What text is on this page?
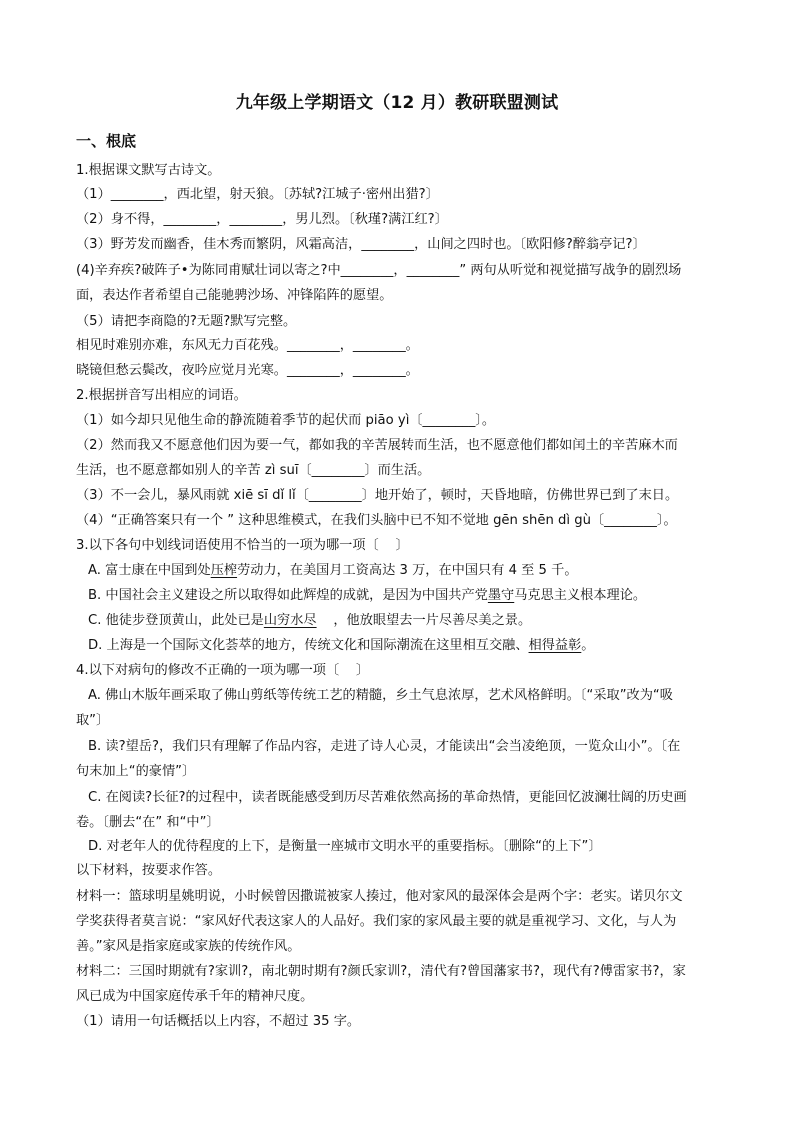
九年级上学期语文（12 月）教研联盟测试
一、根底
1.根据课文默写古诗文。
（1）________，西北望，射天狼。〔苏轼?江城子·密州出猎?〕
（2）身不得，________，________，男儿烈。〔秋瑾?满江红?〕
（3）野芳发而幽香，佳木秀而繁阴，风霜高洁，________，山间之四时也。〔欧阳修?醉翁亭记?〕
(4)辛弃疾?破阵子•为陈同甫赋壮词以寄之?中________，________” 两句从听觉和视觉描写战争的剧烈场
面，表达作者希望自己能驰骋沙场、冲锋陷阵的愿望。
（5）请把李商隐的?无题?默写完整。
相见时难别亦难，东风无力百花残。________，________。
晓镜但愁云鬓改，夜吟应觉月光寒。________，________。
2.根据拼音写出相应的词语。
（1）如今却只见他生命的静流随着季节的起伏而 piāo yì〔________〕。
（2）然而我又不愿意他们因为要一气，都如我的辛苦展转而生活，也不愿意他们都如闰土的辛苦麻木而
生活，也不愿意都如别人的辛苦 zì suī〔________〕而生活。
（3）不一会儿，暴风雨就 xiē sī dǐ lǐ〔________〕地开始了，顿时，天昏地暗，仿佛世界已到了末日。
（4）“正确答案只有一个 ” 这种思维模式，在我们头脑中已不知不觉地 gēn shēn dì gù〔________〕。
3.以下各句中划线词语使用不恰当的一项为哪一项〔    〕
A. 富士康在中国到处压榨劳动力，在美国月工资高达 3 万，在中国只有 4 至 5 千。
B. 中国社会主义建设之所以取得如此辉煌的成就，是因为中国共产党墨守马克思主义根本理论。
C. 他徒步登顶黄山，此处已是山穷水尽    ，他放眼望去一片尽善尽美之景。
D. 上海是一个国际文化荟萃的地方，传统文化和国际潮流在这里相互交融、相得益彰。
4.以下对病句的修改不正确的一项为哪一项〔    〕
A. 佛山木版年画采取了佛山剪纸等传统工艺的精髓，乡土气息浓厚，艺术风格鲜明。〔“采取”改为“吸
取”〕
B. 读?望岳?，我们只有理解了作品内容，走进了诗人心灵，才能读出“会当凌绝顶，一览众山小”。〔在
句末加上“的豪情”〕
C. 在阅读?长征?的过程中，读者既能感受到历尽苦难依然高扬的革命热情，更能回忆波澜壮阔的历史画
卷。〔删去“在” 和“中”〕
D. 对老年人的优待程度的上下，是衡量一座城市文明水平的重要指标。〔删除“的上下”〕
以下材料，按要求作答。
材料一：篮球明星姚明说，小时候曾因撒谎被家人揍过，他对家风的最深体会是两个字：老实。诺贝尔文
学奖获得者莫言说：“家风好代表这家人的人品好。我们家的家风最主要的就是重视学习、文化，与人为
善。”家风是指家庭或家族的传统作风。
材料二：三国时期就有?家训?，南北朝时期有?颜氏家训?，清代有?曾国藩家书?，现代有?傅雷家书?，家
风已成为中国家庭传承千年的精神尺度。
（1）请用一句话概括以上内容，不超过 35 字。
